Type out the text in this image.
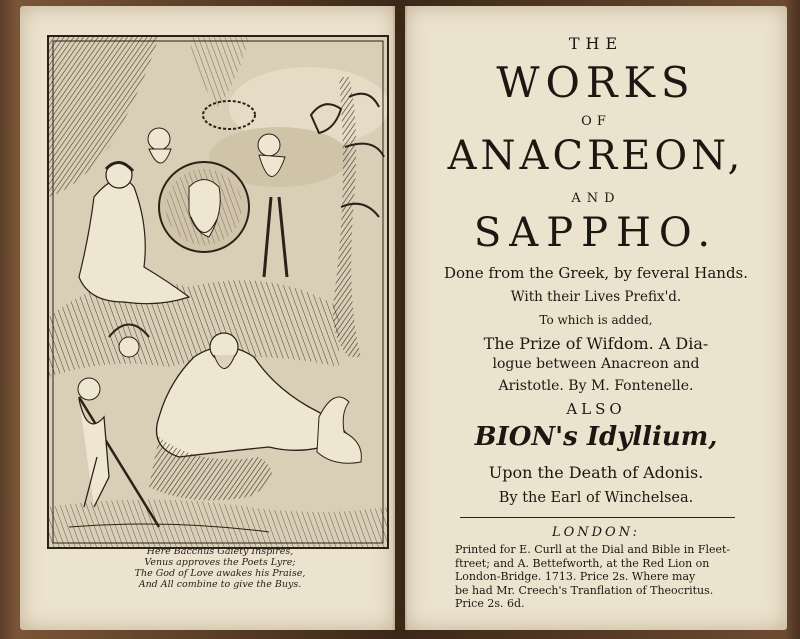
Here Bacchus Gaiety Inspires,
Venus approves the Poets Lyre;
The God of Love awakes his Praise,
And All combine to give the Buys.
THE
WORKS
OF
ANACREON,
AND
SAPPHO.
Done from the Greek, by feveral Hands.
With their Lives Prefix'd.
To which is added,
The Prize of Wifdom. A Dia-
logue between Anacreon and
Aristotle. By M. Fontenelle.
ALSO
BION's Idyllium,
Upon the Death of Adonis.
By the Earl of Winchelsea.
LONDON:
Printed for E. Curll at the Dial and Bible in Fleet-
ftreet; and A. Bettefworth, at the Red Lion on
London-Bridge. 1713. Price 2s. Where may
be had Mr. Creech's Tranflation of Theocritus.
Price 2s. 6d.
